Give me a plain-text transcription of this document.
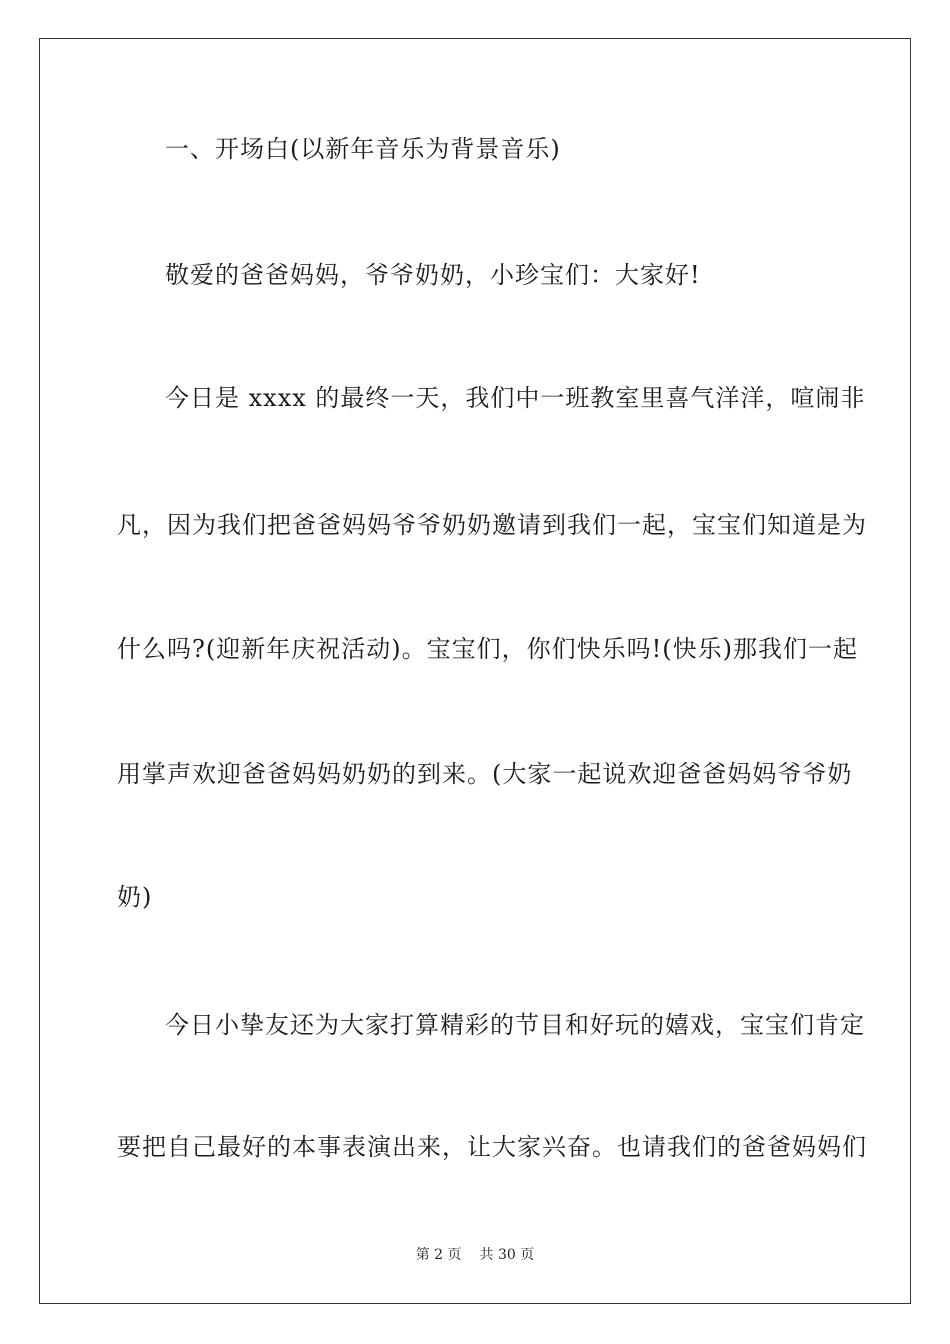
一、开场白(以新年音乐为背景音乐)
敬爱的爸爸妈妈，爷爷奶奶，小珍宝们：大家好!
今日是 xxxx 的最终一天，我们中一班教室里喜气洋洋，喧闹非
凡，因为我们把爸爸妈妈爷爷奶奶邀请到我们一起，宝宝们知道是为
什么吗?(迎新年庆祝活动)。宝宝们，你们快乐吗!(快乐)那我们一起
用掌声欢迎爸爸妈妈奶奶的到来。(大家一起说欢迎爸爸妈妈爷爷奶
奶)
今日小挚友还为大家打算精彩的节目和好玩的嬉戏，宝宝们肯定
要把自己最好的本事表演出来，让大家兴奋。也请我们的爸爸妈妈们
第 2 页 共 30 页
